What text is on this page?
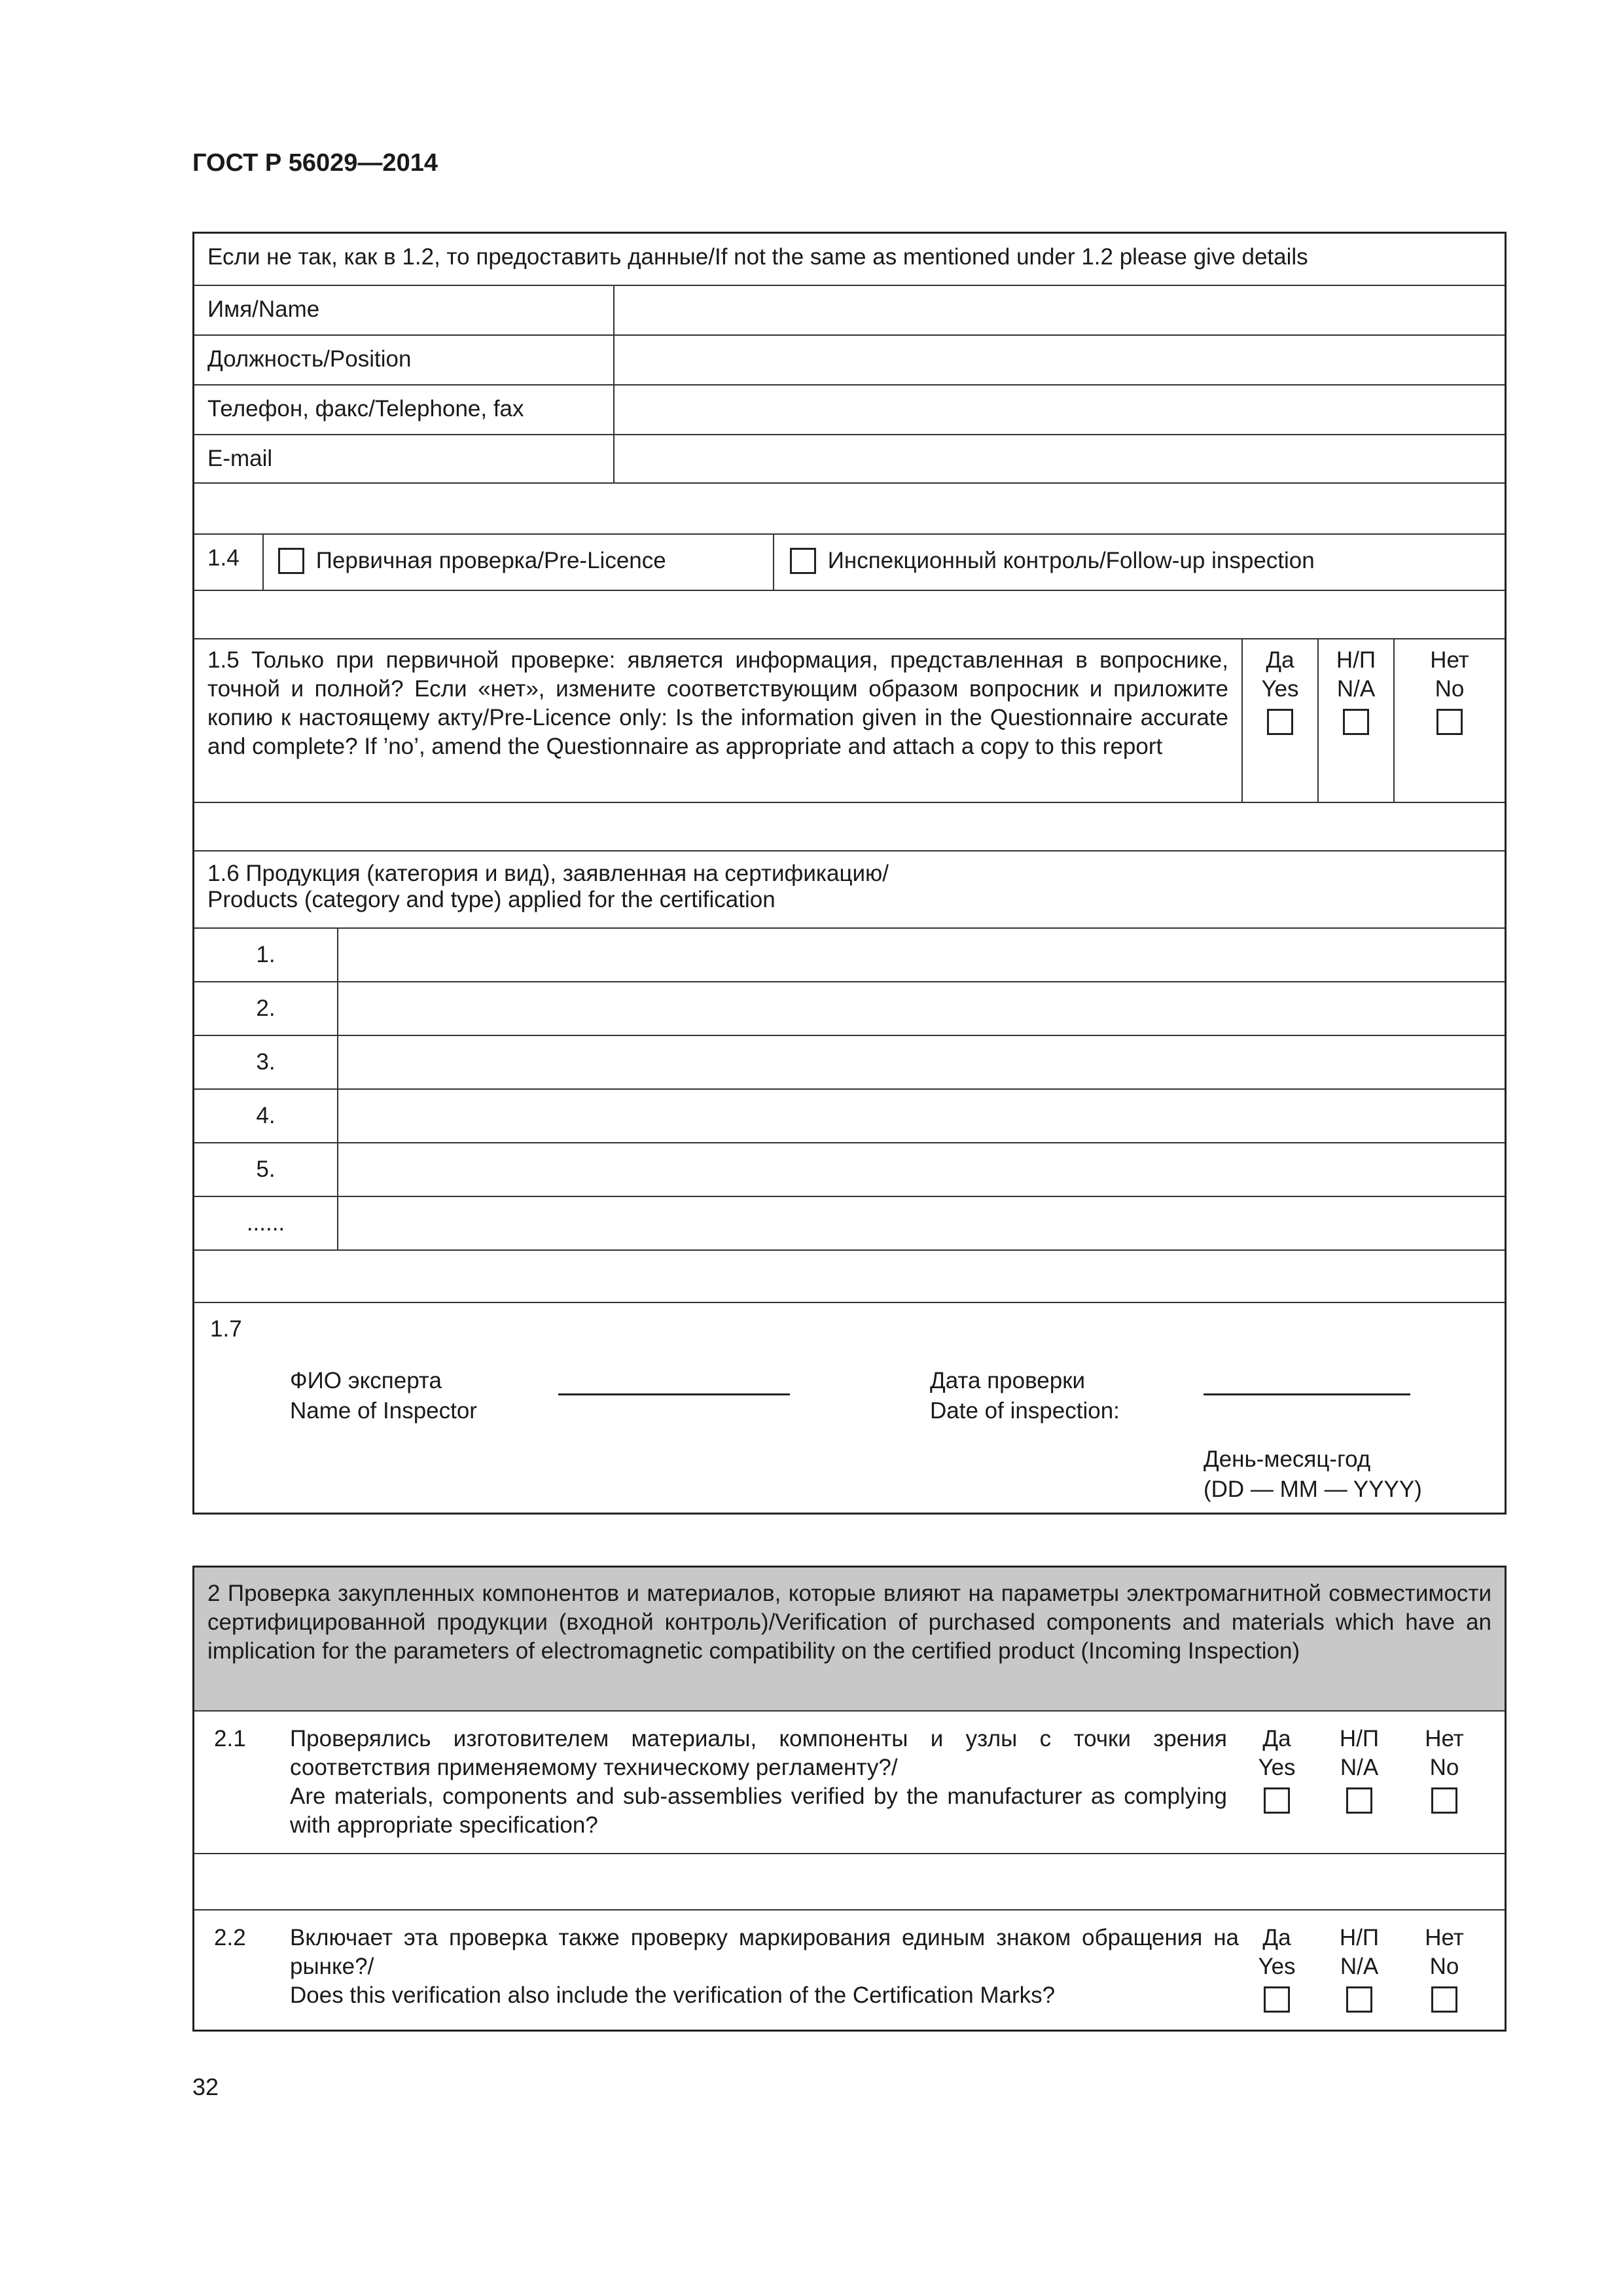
ГОСТ Р 56029—2014
Если не так, как в 1.2, то предоставить данные/If not the same as mentioned under 1.2 please give details
Имя/Name
Должность/Position
Телефон, факс/Telephone, fax
E-mail
1.4	Первичная проверка/Pre-Licence	Инспекционный контроль/Follow-up inspection
1.5 Только при первичной проверке: является информация, представленная в вопроснике, точной и полной? Если «нет», измените соответствующим образом вопросник и приложите копию к настоящему акту/Pre-Licence only: Is the information given in the Questionnaire accurate and complete? If ’no’, amend the Questionnaire as appropriate and attach a copy to this report
Да
Yes
Н/П
N/A
Нет
No
1.6 Продукция (категория и вид), заявленная на сертификацию/
Products (category and type) applied for the certification
1.
2.
3.
4.
5.
......
1.7
ФИО эксперта
Name of Inspector
Дата проверки
Date of inspection:
День-месяц-год
(DD — MM — YYYY)
2 Проверка закупленных компонентов и материалов, которые влияют на параметры электромагнитной совместимости сертифицированной продукции (входной контроль)/Verification of purchased components and materials which have an implication for the parameters of electromagnetic compatibility on the certified product (Incoming Inspection)
2.1 Проверялись изготовителем материалы, компоненты и узлы с точки зрения соответствия применяемому техническому регламенту?/
Are materials, components and sub-assemblies verified by the manufacturer as complying with appropriate specification?
Да
Yes
Н/П
N/A
Нет
No
2.2 Включает эта проверка также проверку маркирования единым знаком обращения на рынке?/
Does this verification also include the verification of the Certification Marks?
Да
Yes
Н/П
N/A
Нет
No
32
